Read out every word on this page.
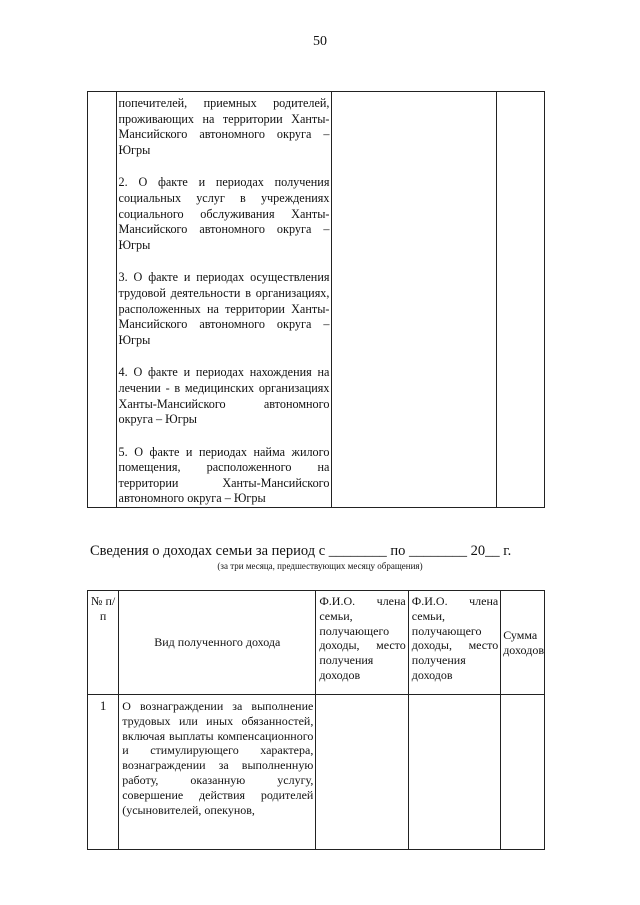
50

попечителей, приемных родителей, проживающих на территории Ханты-Мансийского автономного округа – Югры

2. О факте и периодах получения социальных услуг в учреждениях социального обслуживания Ханты-Мансийского автономного округа – Югры

3. О факте и периодах осуществления трудовой деятельности в организациях, расположенных на территории Ханты-Мансийского автономного округа – Югры

4. О факте и периодах нахождения на лечении - в медицинских организациях Ханты-Мансийского автономного округа – Югры

5. О факте и периодах найма жилого помещения, расположенного на территории Ханты-Мансийского автономного округа – Югры

Сведения о доходах семьи за период с ________ по ________ 20__ г.
(за три месяца, предшествующих месяцу обращения)
№ п/п	Вид полученного дохода	Ф.И.О. члена семьи, получающего доходы, место получения доходов	Ф.И.О. члена семьи, получающего доходы, место получения доходов	Сумма доходов
1	О вознаграждении за выполнение трудовых или иных обязанностей, включая выплаты компенсационного и стимулирующего характера, вознаграждении за выполненную работу, оказанную услугу, совершение действия родителей (усыновителей, опекунов,			
